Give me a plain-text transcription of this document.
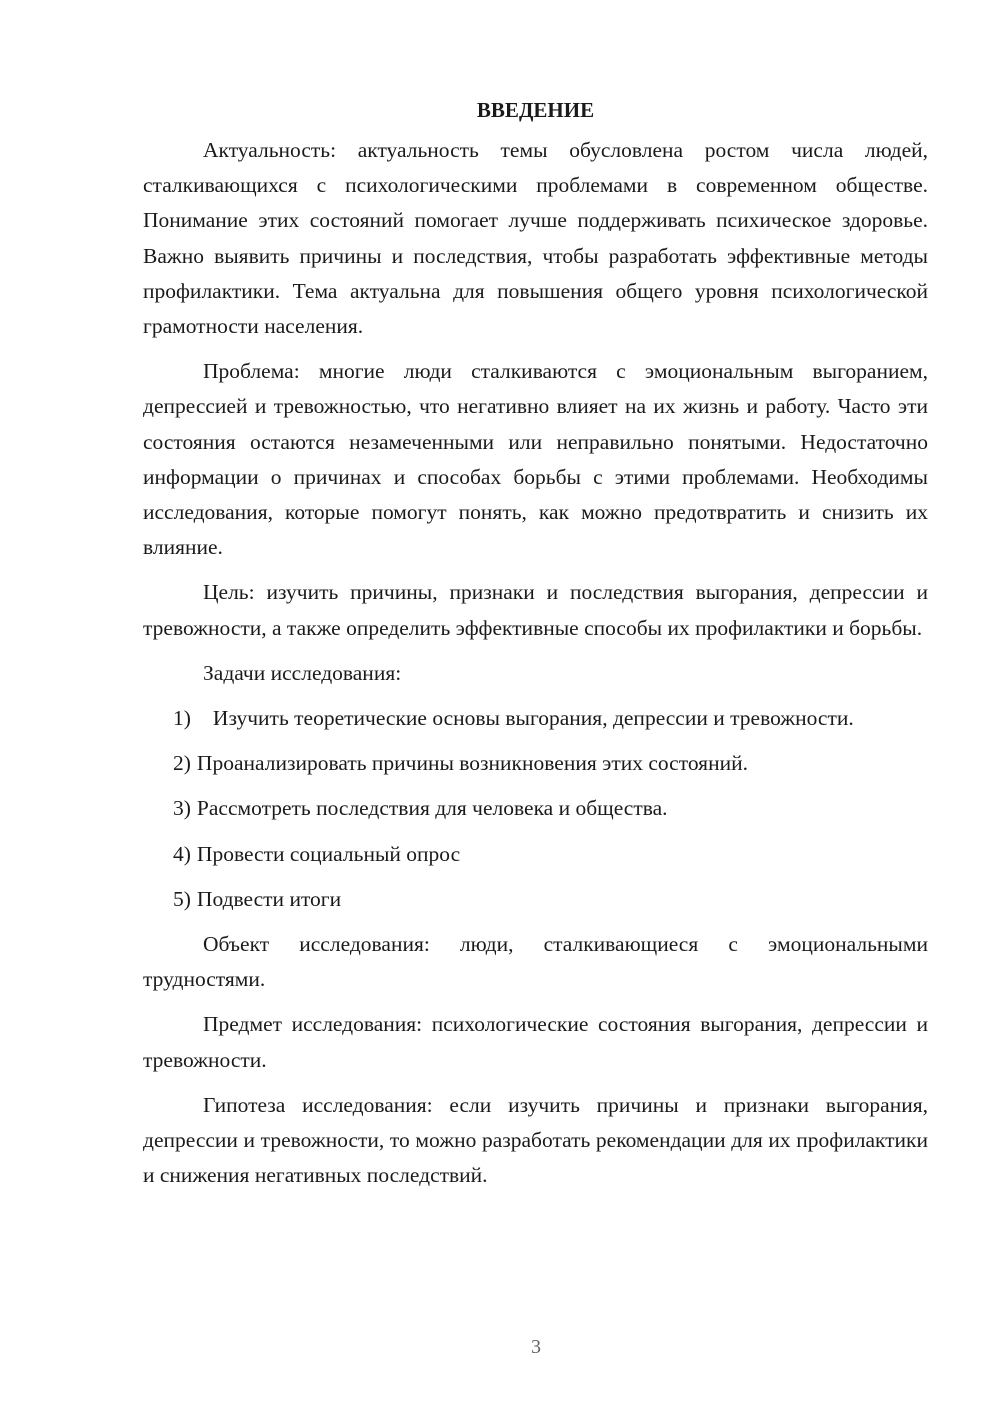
ВВЕДЕНИЕ

Актуальность: актуальность темы обусловлена ростом числа людей, сталкивающихся с психологическими проблемами в современном обществе. Понимание этих состояний помогает лучше поддерживать психическое здоровье. Важно выявить причины и последствия, чтобы разработать эффективные методы профилактики. Тема актуальна для повышения общего уровня психологической грамотности населения.

Проблема: многие люди сталкиваются с эмоциональным выгоранием, депрессией и тревожностью, что негативно влияет на их жизнь и работу. Часто эти состояния остаются незамеченными или неправильно понятыми. Недостаточно информации о причинах и способах борьбы с этими проблемами. Необходимы исследования, которые помогут понять, как можно предотвратить и снизить их влияние.

Цель: изучить причины, признаки и последствия выгорания, депрессии и тревожности, а также определить эффективные способы их профилактики и борьбы.

Задачи исследования:

1) Изучить теоретические основы выгорания, депрессии и тревожности.

2) Проанализировать причины возникновения этих состояний.

3) Рассмотреть последствия для человека и общества.

4) Провести социальный опрос

5) Подвести итоги

Объект исследования: люди, сталкивающиеся с эмоциональными трудностями.

Предмет исследования: психологические состояния выгорания, депрессии и тревожности.

Гипотеза исследования: если изучить причины и признаки выгорания, депрессии и тревожности, то можно разработать рекомендации для их профилактики и снижения негативных последствий.

3
